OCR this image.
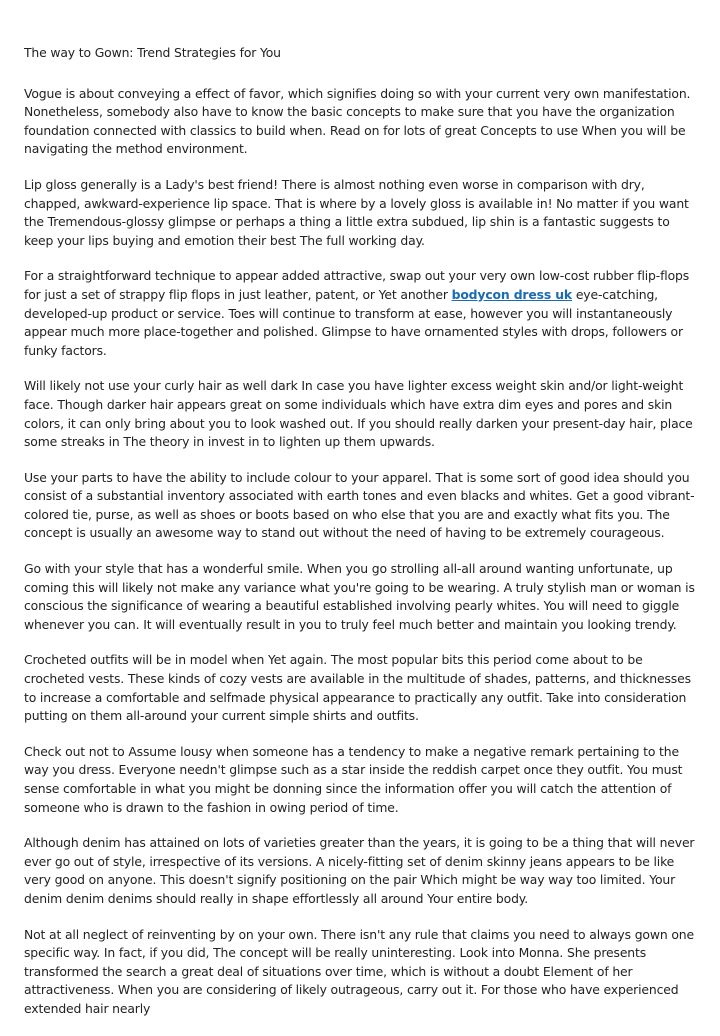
The way to Gown: Trend Strategies for You

Vogue is about conveying a effect of favor, which signifies doing so with your current very own manifestation. Nonetheless, somebody also have to know the basic concepts to make sure that you have the organization foundation connected with classics to build when. Read on for lots of great Concepts to use When you will be navigating the method environment.

Lip gloss generally is a Lady's best friend! There is almost nothing even worse in comparison with dry, chapped, awkward-experience lip space. That is where by a lovely gloss is available in! No matter if you want the Tremendous-glossy glimpse or perhaps a thing a little extra subdued, lip shin is a fantastic suggests to keep your lips buying and emotion their best The full working day.

For a straightforward technique to appear added attractive, swap out your very own low-cost rubber flip-flops for just a set of strappy flip flops in just leather, patent, or Yet another bodycon dress uk eye-catching, developed-up product or service. Toes will continue to transform at ease, however you will instantaneously appear much more place-together and polished. Glimpse to have ornamented styles with drops, followers or funky factors.

Will likely not use your curly hair as well dark In case you have lighter excess weight skin and/or light-weight face. Though darker hair appears great on some individuals which have extra dim eyes and pores and skin colors, it can only bring about you to look washed out. If you should really darken your present-day hair, place some streaks in The theory in invest in to lighten up them upwards.

Use your parts to have the ability to include colour to your apparel. That is some sort of good idea should you consist of a substantial inventory associated with earth tones and even blacks and whites. Get a good vibrant-colored tie, purse, as well as shoes or boots based on who else that you are and exactly what fits you. The concept is usually an awesome way to stand out without the need of having to be extremely courageous.

Go with your style that has a wonderful smile. When you go strolling all-all around wanting unfortunate, up coming this will likely not make any variance what you're going to be wearing. A truly stylish man or woman is conscious the significance of wearing a beautiful established involving pearly whites. You will need to giggle whenever you can. It will eventually result in you to truly feel much better and maintain you looking trendy.

Crocheted outfits will be in model when Yet again. The most popular bits this period come about to be crocheted vests. These kinds of cozy vests are available in the multitude of shades, patterns, and thicknesses to increase a comfortable and selfmade physical appearance to practically any outfit. Take into consideration putting on them all-around your current simple shirts and outfits.

Check out not to Assume lousy when someone has a tendency to make a negative remark pertaining to the way you dress. Everyone needn't glimpse such as a star inside the reddish carpet once they outfit. You must sense comfortable in what you might be donning since the information offer you will catch the attention of someone who is drawn to the fashion in owing period of time.

Although denim has attained on lots of varieties greater than the years, it is going to be a thing that will never ever go out of style, irrespective of its versions. A nicely-fitting set of denim skinny jeans appears to be like very good on anyone. This doesn't signify positioning on the pair Which might be way way too limited. Your denim denim denims should really in shape effortlessly all around Your entire body.

Not at all neglect of reinventing by on your own. There isn't any rule that claims you need to always gown one specific way. In fact, if you did, The concept will be really uninteresting. Look into Monna. She presents transformed the search a great deal of situations over time, which is without a doubt Element of her attractiveness. When you are considering of likely outrageous, carry out it. For those who have experienced extended hair nearly
